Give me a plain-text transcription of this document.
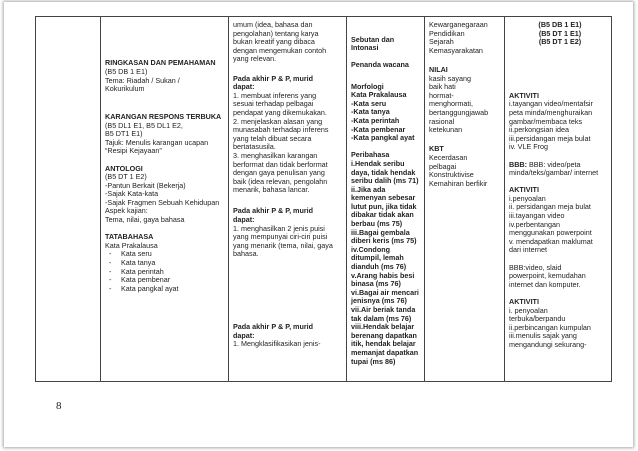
RINGKASAN DAN PEMAHAMAN
(B5 DB 1 E1)
Tema: Riadah / Sukan /
Kokurikulum
KARANGAN RESPONS TERBUKA
(B5 DL1 E1, B5 DL1 E2,
B5 DT1 E1)
Tajuk: Menulis karangan ucapan
“Resipi Kejayaan”
ANTOLOGI
(B5 DT 1 E2)
-Pantun Berkait (Bekerja)
-Sajak Kata-kata
-Sajak Fragmen Sebuah Kehidupan
Aspek kajian:
Tema, nilai, gaya bahasa
TATABAHASA
Kata Prakalausa
- Kata seru
- Kata tanya
- Kata perintah
- Kata pembenar
- Kata pangkal ayat
umum (idea, bahasa dan
pengolahan) tentang karya
bukan kreatif yang dibaca
dengan mengemukan contoh
yang relevan.
Pada akhir P & P, murid
dapat:
1. membuat inferens yang
sesuai terhadap pelbagai
pendapat yang dikemukakan.
2. menjelaskan alasan yang
munasabah terhadap inferens
yang telah dibuat secara
bertatasusila.
3. menghasilkan karangan
berformat dan tidak berformat
dengan gaya penulisan yang
baik (idea relevan, pengolahn
menarik, bahasa lancar.
Pada akhir P & P, murid
dapat:
1. menghasilkan 2 jenis puisi
yang mempunyai ciri-ciri puisi
yang menarik (tema, nilai, gaya
bahasa.
Pada akhir P & P, murid
dapat:
1. Mengklasifikasikan jenis-
Sebutan dan
Intonasi
Penanda wacana
Morfologi
Kata Prakalausa
-Kata seru
-Kata tanya
-Kata perintah
-Kata pembenar
-Kata pangkal ayat
Peribahasa
i.Hendak seribu
daya, tidak hendak
seribu dalih (ms 71)
ii.Jika ada
kemenyan sebesar
lutut pun, jika tidak
dibakar tidak akan
berbau (ms 75)
iii.Bagai gembala
diberi keris (ms 75)
iv.Condong
ditumpil, lemah
dianduh (ms 76)
v.Arang habis besi
binasa (ms 76)
vi.Bagai air mencari
jenisnya (ms 76)
vii.Air beriak tanda
tak dalam (ms 76)
viii.Hendak belajar
berenang dapatkan
itik, hendak belajar
memanjat dapatkan
tupai (ms 86)
Kewarganegaraan
Pendidikan
Sejarah
Kemasyarakatan
NILAI
kasih sayang
baik hati
hormat-
menghormati,
bertanggungjawab
rasional
ketekunan
KBT
Kecerdasan
pelbagai
Konstruktivise
Kemahiran berfikir
(B5 DB 1 E1)
(B5 DT 1 E1)
(B5 DT 1 E2)
AKTIVITI
i.tayangan video/mentafsir
peta minda/menghuraikan
gambar/membaca teks
ii.perkongsian idea
iii.persidangan meja bulat
iv. VLE Frog
BBB: BBB: video/peta
minda/teks/gambar/ internet
AKTIVITI
i.penyoalan
ii. persidangan meja bulat
iii.tayangan video
iv.perbentangan
menggunakan powerpoint
v. mendapatkan maklumat
dari internet
BBB:video, slaid
powerpoint, kemudahan
internet dan komputer.
AKTIVITI
i. penyoalan
terbuka/berpandu
ii.perbincangan kumpulan
iii.menulis sajak yang
mengandungi sekurang-
8
